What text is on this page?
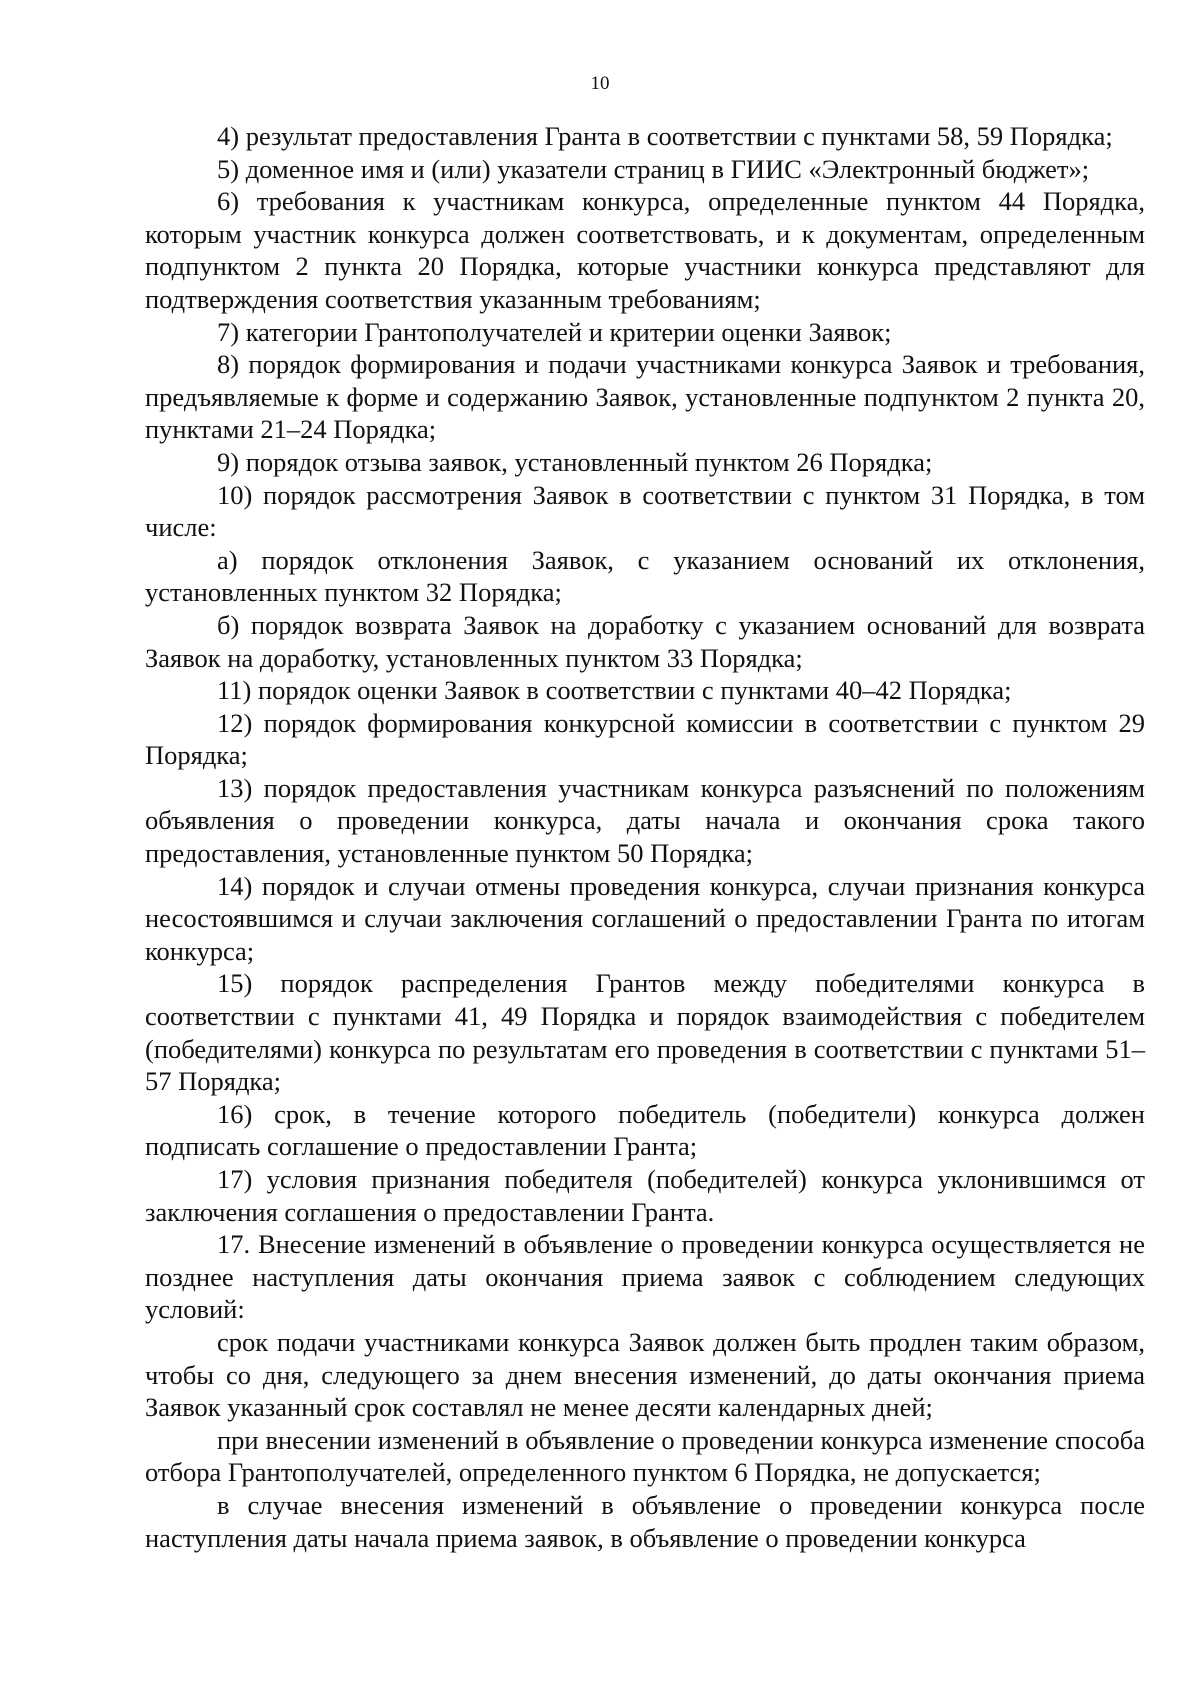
10

4) результат предоставления Гранта в соответствии с пунктами 58, 59 Порядка;

5) доменное имя и (или) указатели страниц в ГИИС «Электронный бюджет»;

6) требования к участникам конкурса, определенные пунктом 44 Порядка, которым участник конкурса должен соответствовать, и к документам, определенным подпунктом 2 пункта 20 Порядка, которые участники конкурса представляют для подтверждения соответствия указанным требованиям;

7) категории Грантополучателей и критерии оценки Заявок;

8) порядок формирования и подачи участниками конкурса Заявок и требования, предъявляемые к форме и содержанию Заявок, установленные подпунктом 2 пункта 20, пунктами 21–24 Порядка;

9) порядок отзыва заявок, установленный пунктом 26 Порядка;

10) порядок рассмотрения Заявок в соответствии с пунктом 31 Порядка, в том числе:

а) порядок отклонения Заявок, с указанием оснований их отклонения, установленных пунктом 32 Порядка;

б) порядок возврата Заявок на доработку с указанием оснований для возврата Заявок на доработку, установленных пунктом 33 Порядка;

11) порядок оценки Заявок в соответствии с пунктами 40–42 Порядка;

12) порядок формирования конкурсной комиссии в соответствии с пунктом 29 Порядка;

13) порядок предоставления участникам конкурса разъяснений по положениям объявления о проведении конкурса, даты начала и окончания срока такого предоставления, установленные пунктом 50 Порядка;

14) порядок и случаи отмены проведения конкурса, случаи признания конкурса несостоявшимся и случаи заключения соглашений о предоставлении Гранта по итогам конкурса;

15) порядок распределения Грантов между победителями конкурса в соответствии с пунктами 41, 49 Порядка и порядок взаимодействия с победителем (победителями) конкурса по результатам его проведения в соответствии с пунктами 51–57 Порядка;

16) срок, в течение которого победитель (победители) конкурса должен подписать соглашение о предоставлении Гранта;

17) условия признания победителя (победителей) конкурса уклонившимся от заключения соглашения о предоставлении Гранта.

17. Внесение изменений в объявление о проведении конкурса осуществляется не позднее наступления даты окончания приема заявок с соблюдением следующих условий:

срок подачи участниками конкурса Заявок должен быть продлен таким образом, чтобы со дня, следующего за днем внесения изменений, до даты окончания приема Заявок указанный срок составлял не менее десяти календарных дней;

при внесении изменений в объявление о проведении конкурса изменение способа отбора Грантополучателей, определенного пунктом 6 Порядка, не допускается;

в случае внесения изменений в объявление о проведении конкурса после наступления даты начала приема заявок, в объявление о проведении конкурса
